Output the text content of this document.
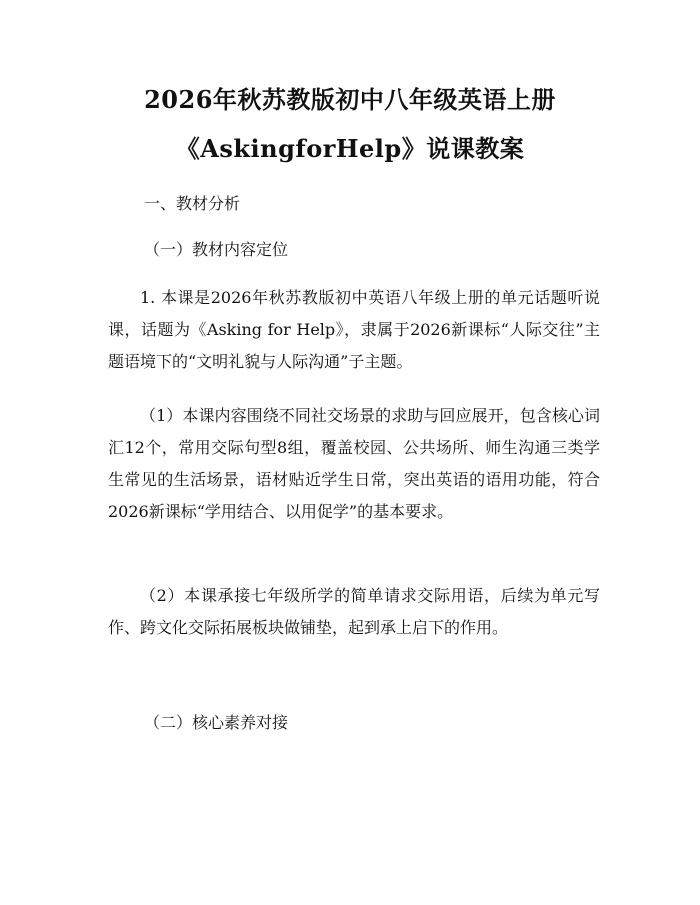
2026年秋苏教版初中八年级英语上册
《AskingforHelp》说课教案

一、教材分析

（一）教材内容定位

1. 本课是2026年秋苏教版初中英语八年级上册的单元话题听说课，话题为《Asking for Help》，隶属于2026新课标“人际交往”主题语境下的“文明礼貌与人际沟通”子主题。

（1）本课内容围绕不同社交场景的求助与回应展开，包含核心词汇12个，常用交际句型8组，覆盖校园、公共场所、师生沟通三类学生常见的生活场景，语材贴近学生日常，突出英语的语用功能，符合2026新课标“学用结合、以用促学”的基本要求。

（2）本课承接七年级所学的简单请求交际用语，后续为单元写作、跨文化交际拓展板块做铺垫，起到承上启下的作用。

（二）核心素养对接
